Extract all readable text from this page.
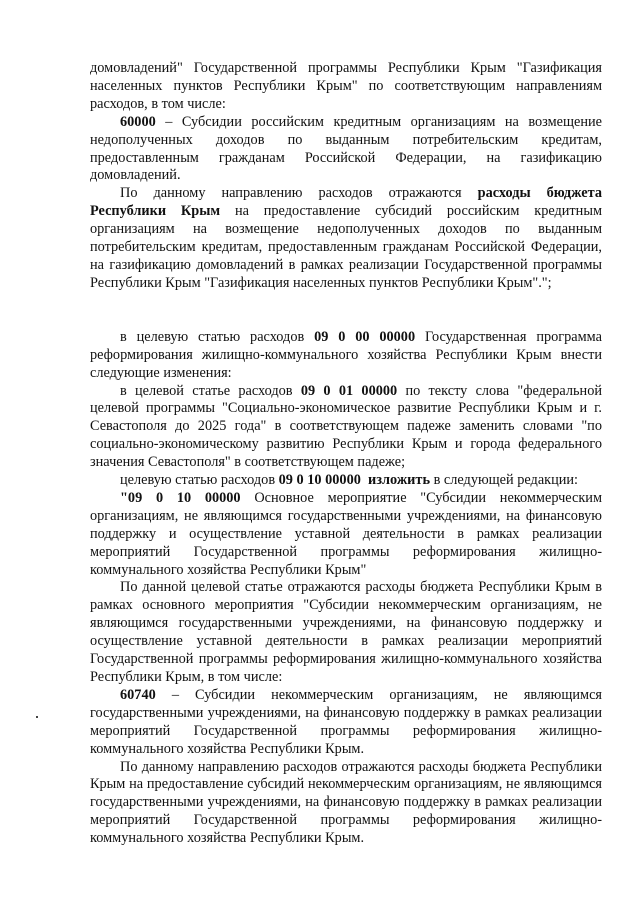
домовладений" Государственной программы Республики Крым "Газификация населенных пунктов Республики Крым" по соответствующим направлениям расходов, в том числе:

60000 – Субсидии российским кредитным организациям на возмещение недополученных доходов по выданным потребительским кредитам, предоставленным гражданам Российской Федерации, на газификацию домовладений.

По данному направлению расходов отражаются расходы бюджета Республики Крым на предоставление субсидий российским кредитным организациям на возмещение недополученных доходов по выданным потребительским кредитам, предоставленным гражданам Российской Федерации, на газификацию домовладений в рамках реализации Государственной программы Республики Крым "Газификация населенных пунктов Республики Крым".";

в целевую статью расходов 09 0 00 00000 Государственная программа реформирования жилищно-коммунального хозяйства Республики Крым внести следующие изменения:

в целевой статье расходов 09 0 01 00000 по тексту слова "федеральной целевой программы "Социально-экономическое развитие Республики Крым и г. Севастополя до 2025 года" в соответствующем падеже заменить словами "по социально-экономическому развитию Республики Крым и города федерального значения Севастополя" в соответствующем падеже;

целевую статью расходов 09 0 10 00000  изложить в следующей редакции:

"09 0 10 00000 Основное мероприятие "Субсидии некоммерческим организациям, не являющимся государственными учреждениями, на финансовую поддержку и осуществление уставной деятельности в рамках реализации мероприятий Государственной программы реформирования жилищно-коммунального хозяйства Республики Крым"

По данной целевой статье отражаются расходы бюджета Республики Крым в рамках основного мероприятия "Субсидии некоммерческим организациям, не являющимся государственными учреждениями, на финансовую поддержку и осуществление уставной деятельности в рамках реализации мероприятий Государственной программы реформирования жилищно-коммунального хозяйства Республики Крым, в том числе:

60740 – Субсидии некоммерческим организациям, не являющимся государственными учреждениями, на финансовую поддержку в рамках реализации мероприятий Государственной программы реформирования жилищно-коммунального хозяйства Республики Крым.

По данному направлению расходов отражаются расходы бюджета Республики Крым на предоставление субсидий некоммерческим организациям, не являющимся государственными учреждениями, на финансовую поддержку в рамках реализации мероприятий Государственной программы реформирования жилищно-коммунального хозяйства Республики Крым.
